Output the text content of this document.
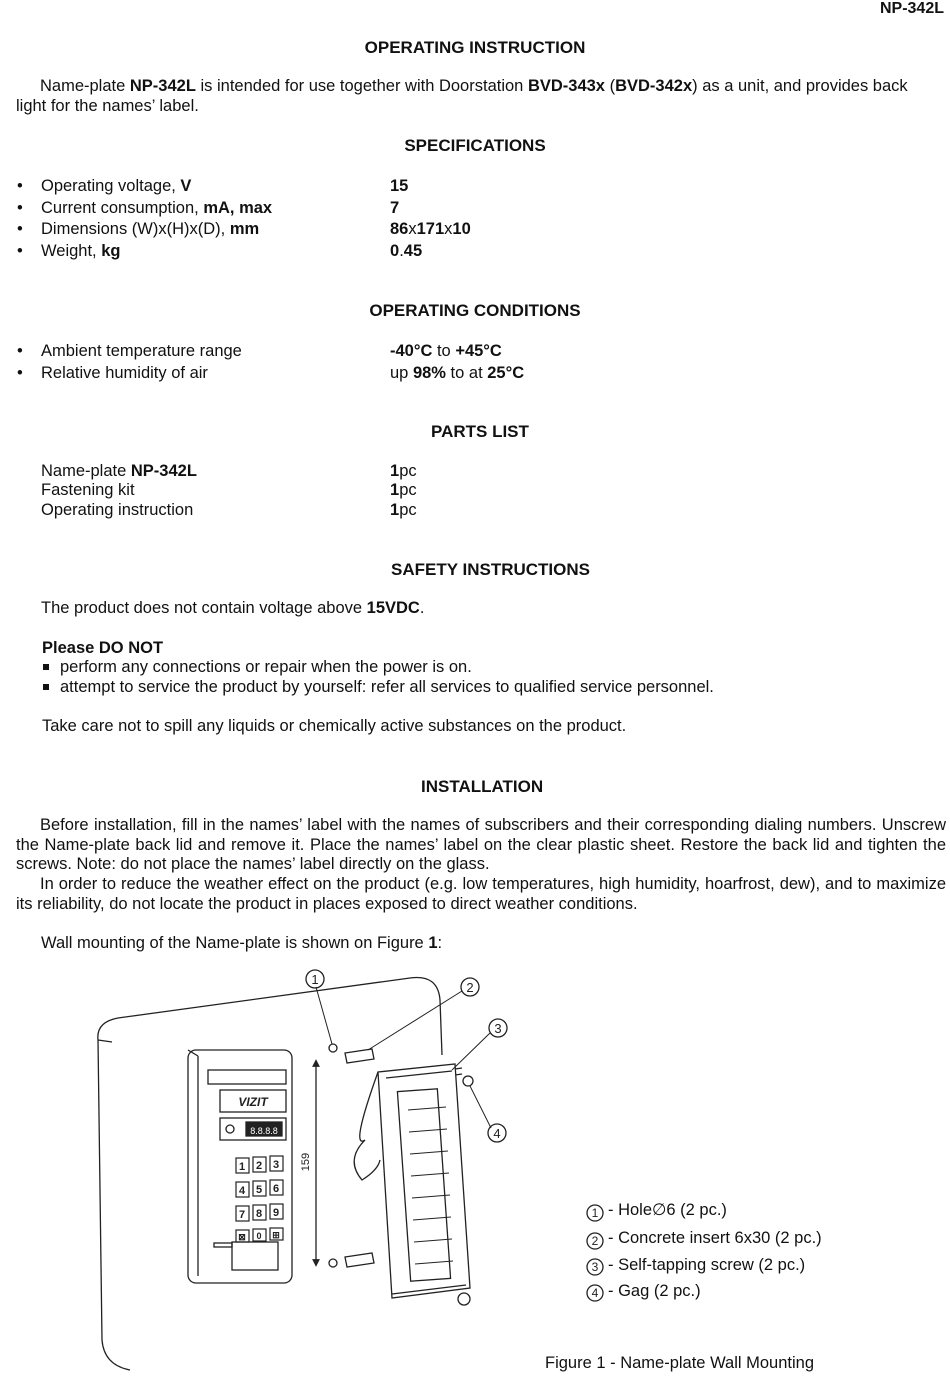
NP-342L
OPERATING INSTRUCTION
Name-plate NP-342L is intended for use together with Doorstation BVD-343x (BVD-342x) as a unit, and provides back
light for the names’ label.
SPECIFICATIONS
• Operating voltage, V	15
• Current consumption, mA, max	7
• Dimensions (W)x(H)x(D), mm	86x171x10
• Weight, kg	0.45
OPERATING CONDITIONS
• Ambient temperature range	-40°C to +45°C
• Relative humidity of air	up 98% to at 25°C
PARTS LIST
Name-plate NP-342L	1pc
Fastening kit	1pc
Operating instruction	1pc
SAFETY INSTRUCTIONS
The product does not contain voltage above 15VDC.
Please DO NOT
perform any connections or repair when the power is on.
attempt to service the product by yourself: refer all services to qualified service personnel.
Take care not to spill any liquids or chemically active substances on the product.
INSTALLATION
Before installation, fill in the names’ label with the names of subscribers and their corresponding dialing numbers. Unscrew the Name-plate back lid and remove it. Place the names’ label on the clear plastic sheet. Restore the back lid and tighten the screws. Note: do not place the names’ label directly on the glass.
In order to reduce the weather effect on the product (e.g. low temperatures, high humidity, hoarfrost, dew), and to maximize its reliability, do not locate the product in places exposed to direct weather conditions.
Wall mounting of the Name-plate is shown on Figure 1:
1 2 3
4 5 6
7 8 9
⊠ 0 ⊞
VIZIT
8.8.8.8
1
2
3
4
159
1
2
3
4
- Hole∅6 (2 pc.)
- Concrete insert 6x30 (2 pc.)
- Self-tapping screw (2 pc.)
- Gag (2 pc.)
Figure 1 - Name-plate Wall Mounting
